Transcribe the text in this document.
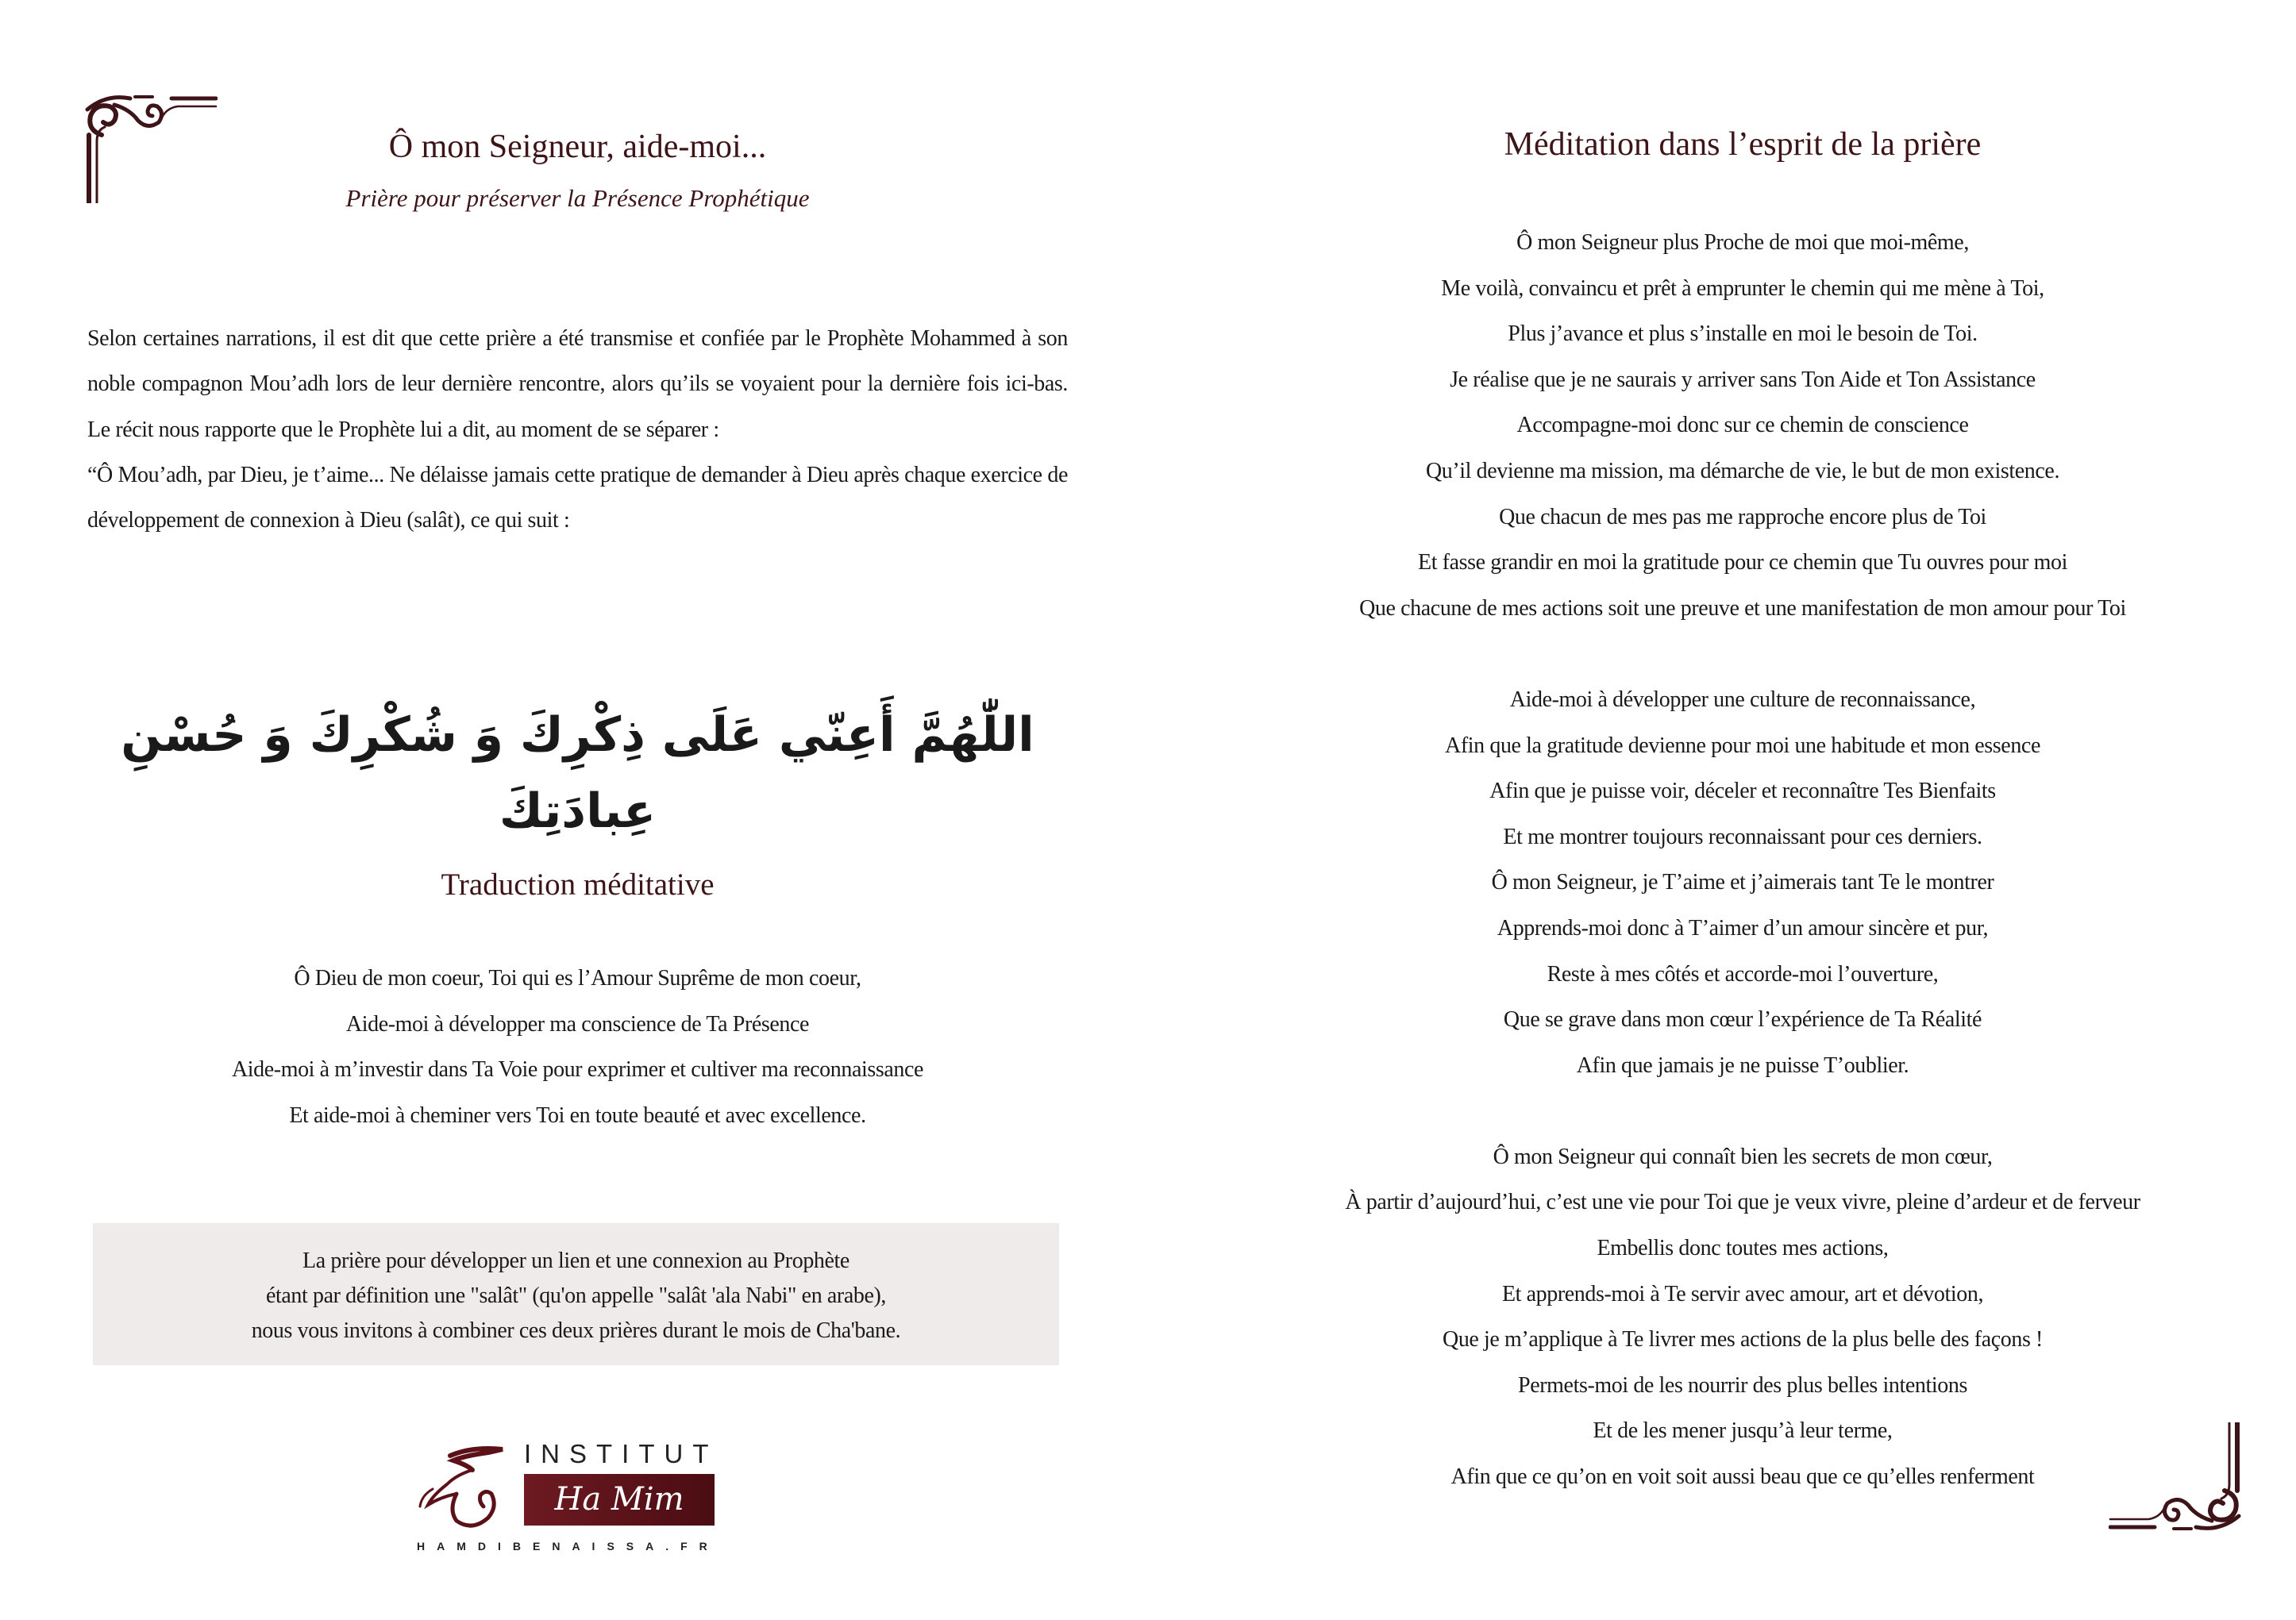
Ô mon Seigneur, aide-moi...
Prière pour préserver la Présence Prophétique

Selon certaines narrations, il est dit que cette prière a été transmise et confiée par le Prophète Mohammed à son noble compagnon Mou’adh lors de leur dernière rencontre, alors qu’ils se voyaient pour la dernière fois ici-bas. Le récit nous rapporte que le Prophète lui a dit, au moment de se séparer :

“Ô Mou’adh, par Dieu, je t’aime... Ne délaisse jamais cette pratique de demander à Dieu après chaque exercice de développement de connexion à Dieu (salât), ce qui suit :

اللّٰهُمَّ أَعِنّي عَلَى ذِكْرِكَ وَ شُكْرِكَ وَ حُسْنِ عِبادَتِكَ
Traduction méditative
Ô Dieu de mon coeur, Toi qui es l’Amour Suprême de mon coeur,
Aide-moi à développer ma conscience de Ta Présence
Aide-moi à m’investir dans Ta Voie pour exprimer et cultiver ma reconnaissance
Et aide-moi à cheminer vers Toi en toute beauté et avec excellence.
La prière pour développer un lien et une connexion au Prophète
étant par définition une "salât" (qu'on appelle "salât 'ala Nabi" en arabe),
nous vous invitons à combiner ces deux prières durant le mois de Cha'bane.
INSTITUT
Ha Mim
HAMDIBENAISSA.FR
Méditation dans l’esprit de la prière
Ô mon Seigneur plus Proche de moi que moi-même,
Me voilà, convaincu et prêt à emprunter le chemin qui me mène à Toi,
Plus j’avance et plus s’installe en moi le besoin de Toi.
Je réalise que je ne saurais y arriver sans Ton Aide et Ton Assistance
Accompagne-moi donc sur ce chemin de conscience
Qu’il devienne ma mission, ma démarche de vie, le but de mon existence.
Que chacun de mes pas me rapproche encore plus de Toi
Et fasse grandir en moi la gratitude pour ce chemin que Tu ouvres pour moi
Que chacune de mes actions soit une preuve et une manifestation de mon amour pour Toi
Aide-moi à développer une culture de reconnaissance,
Afin que la gratitude devienne pour moi une habitude et mon essence
Afin que je puisse voir, déceler et reconnaître Tes Bienfaits
Et me montrer toujours reconnaissant pour ces derniers.
Ô mon Seigneur, je T’aime et j’aimerais tant Te le montrer
Apprends-moi donc à T’aimer d’un amour sincère et pur,
Reste à mes côtés et accorde-moi l’ouverture,
Que se grave dans mon cœur l’expérience de Ta Réalité
Afin que jamais je ne puisse T’oublier.
Ô mon Seigneur qui connaît bien les secrets de mon cœur,
À partir d’aujourd’hui, c’est une vie pour Toi que je veux vivre, pleine d’ardeur et de ferveur
Embellis donc toutes mes actions,
Et apprends-moi à Te servir avec amour, art et dévotion,
Que je m’applique à Te livrer mes actions de la plus belle des façons !
Permets-moi de les nourrir des plus belles intentions
Et de les mener jusqu’à leur terme,
Afin que ce qu’on en voit soit aussi beau que ce qu’elles renferment
